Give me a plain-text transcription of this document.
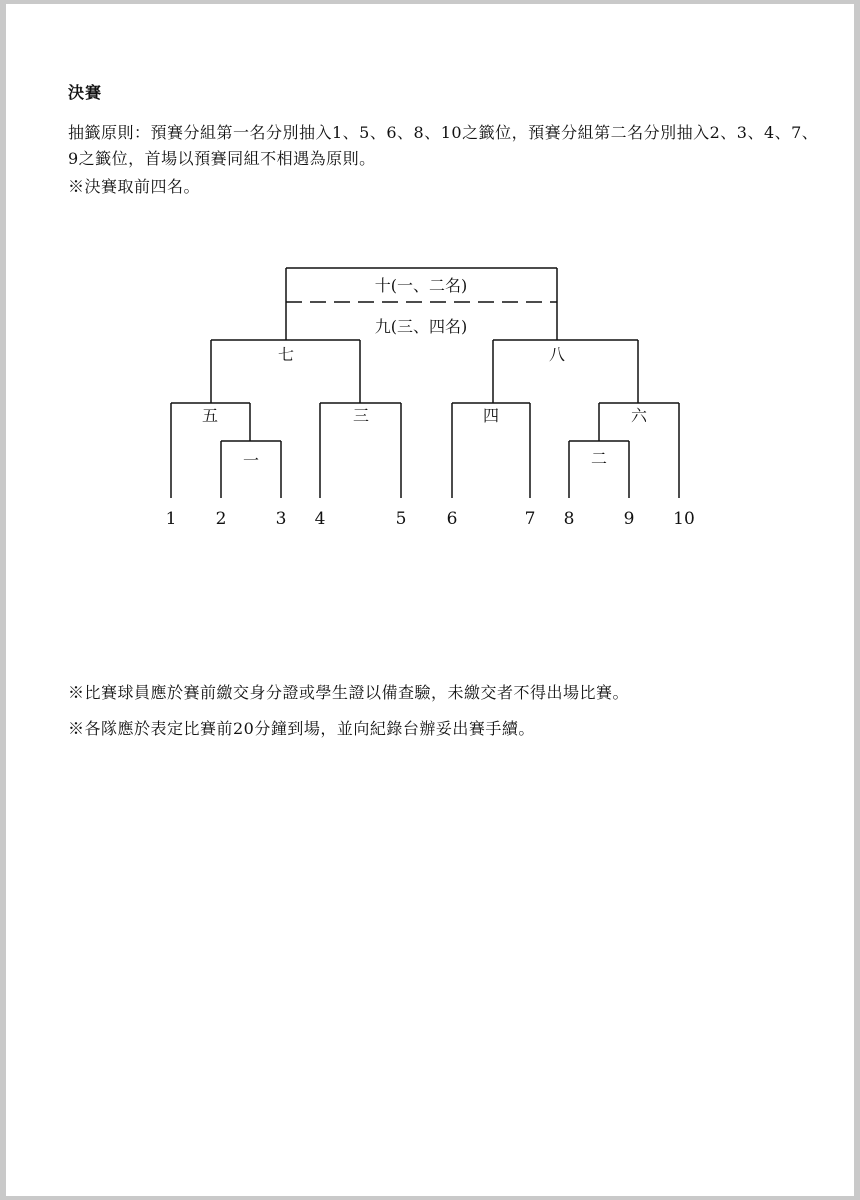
決賽
抽籤原則：預賽分組第一名分別抽入1、5、6、8、10之籤位，預賽分組第二名分別抽入2、3、4、7、9之籤位，首場以預賽同組不相遇為原則。
※決賽取前四名。
※比賽球員應於賽前繳交身分證或學生證以備查驗，未繳交者不得出場比賽。
※各隊應於表定比賽前20分鐘到場，並向紀錄台辦妥出賽手續。
十(一、二名)
九(三、四名)
七	八
五
一
三	四	六
二
1 2	3 4	5 6	7 8	9 10
